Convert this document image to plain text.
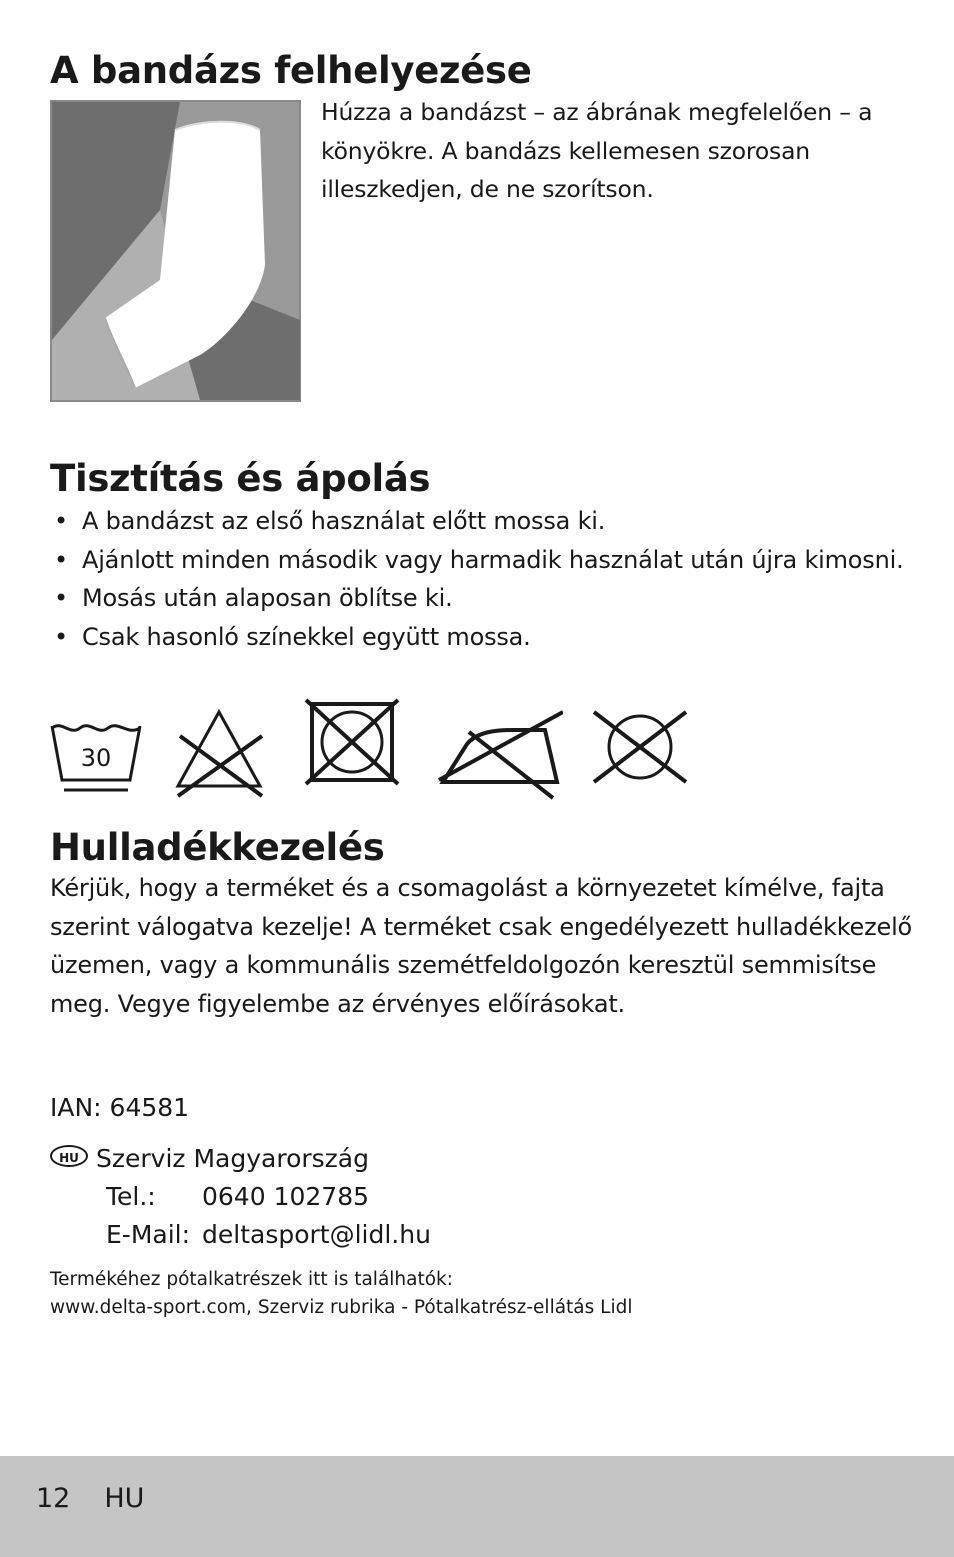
A bandázs felhelyezése

Húzza a bandázst – az ábrának megfelelően – a könyökre. A bandázs kellemesen szorosan illeszkedjen, de ne szorítson.

Tisztítás és ápolás
• A bandázst az első használat előtt mossa ki.
• Ajánlott minden második vagy harmadik használat után újra kimosni.
• Mosás után alaposan öblítse ki.
• Csak hasonló színekkel együtt mossa.
30
Hulladékkezelés

Kérjük, hogy a terméket és a csomagolást a környezetet kímélve, fajta szerint válogatva kezelje! A terméket csak engedélyezett hulladékkezelő üzemen, vagy a kommunális szemétfeldolgozón keresztül semmisítse meg. Vegye figyelembe az érvényes előírásokat.

IAN: 64581
HU Szerviz Magyarország
Tel.: 0640 102785
E-Mail: deltasport@lidl.hu
Termékéhez pótalkatrészek itt is találhatók:
www.delta-sport.com, Szerviz rubrika - Pótalkatrész-ellátás Lidl
12 HU
